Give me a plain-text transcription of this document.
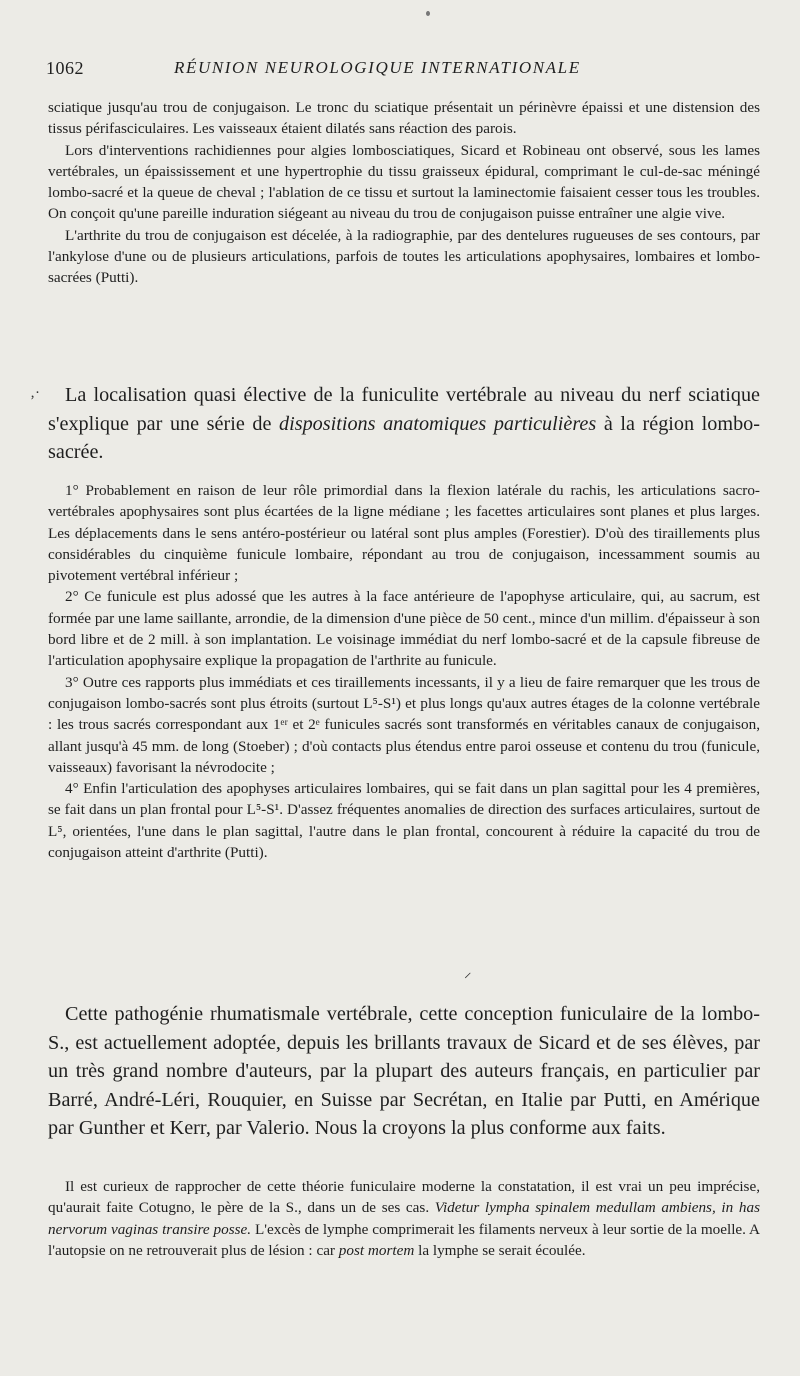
1062	RÉUNION NEUROLOGIQUE INTERNATIONALE

sciatique jusqu'au trou de conjugaison. Le tronc du sciatique présentait un périnèvre épaissi et une distension des tissus périfasciculaires. Les vaisseaux étaient dilatés sans réaction des parois.

Lors d'interventions rachidiennes pour algies lombosciatiques, Sicard et Robineau ont observé, sous les lames vertébrales, un épaississement et une hypertrophie du tissu graisseux épidural, comprimant le cul-de-sac méningé lombo-sacré et la queue de cheval ; l'ablation de ce tissu et surtout la laminectomie faisaient cesser tous les troubles. On conçoit qu'une pareille induration siégeant au niveau du trou de conjugaison puisse entraîner une algie vive.

L'arthrite du trou de conjugaison est décelée, à la radiographie, par des dentelures rugueuses de ses contours, par l'ankylose d'une ou de plusieurs articulations, parfois de toutes les articulations apophysaires, lombaires et lombo-sacrées (Putti).

‚·	La localisation quasi élective de la funiculite vertébrale au niveau du nerf sciatique s'explique par une série de dispositions anatomiques particulières à la région lombo-sacrée.

1° Probablement en raison de leur rôle primordial dans la flexion latérale du rachis, les articulations sacro-vertébrales apophysaires sont plus écartées de la ligne médiane ; les facettes articulaires sont planes et plus larges. Les déplacements dans le sens antéro-postérieur ou latéral sont plus amples (Forestier). D'où des tiraillements plus considérables du cinquième funicule lombaire, répondant au trou de conjugaison, incessamment soumis au pivotement vertébral inférieur ;

2° Ce funicule est plus adossé que les autres à la face antérieure de l'apophyse articulaire, qui, au sacrum, est formée par une lame saillante, arrondie, de la dimension d'une pièce de 50 cent., mince d'un millim. d'épaisseur à son bord libre et de 2 mill. à son implantation. Le voisinage immédiat du nerf lombo-sacré et de la capsule fibreuse de l'articulation apophysaire explique la propagation de l'arthrite au funicule.

3° Outre ces rapports plus immédiats et ces tiraillements incessants, il y a lieu de faire remarquer que les trous de conjugaison lombo-sacrés sont plus étroits (surtout L⁵-S¹) et plus longs qu'aux autres étages de la colonne vertébrale : les trous sacrés correspondant aux 1ᵉʳ et 2ᵉ funicules sacrés sont transformés en véritables canaux de conjugaison, allant jusqu'à 45 mm. de long (Stoeber) ; d'où contacts plus étendus entre paroi osseuse et contenu du trou (funicule, vaisseaux) favorisant la névrodocite ;

4° Enfin l'articulation des apophyses articulaires lombaires, qui se fait dans un plan sagittal pour les 4 premières, se fait dans un plan frontal pour L⁵-S¹. D'assez fréquentes anomalies de direction des surfaces articulaires, surtout de L⁵, orientées, l'une dans le plan sagittal, l'autre dans le plan frontal, concourent à réduire la capacité du trou de conjugaison atteint d'arthrite (Putti).

⸝

Cette pathogénie rhumatismale vertébrale, cette conception funiculaire de la lombo-S., est actuellement adoptée, depuis les brillants travaux de Sicard et de ses élèves, par un très grand nombre d'auteurs, par la plupart des auteurs français, en particulier par Barré, André-Léri, Rouquier, en Suisse par Secrétan, en Italie par Putti, en Amérique par Gunther et Kerr, par Valerio. Nous la croyons la plus conforme aux faits.

Il est curieux de rapprocher de cette théorie funiculaire moderne la constatation, il est vrai un peu imprécise, qu'aurait faite Cotugno, le père de la S., dans un de ses cas. Videtur lympha spinalem medullam ambiens, in has nervorum vaginas transire posse. L'excès de lymphe comprimerait les filaments nerveux à leur sortie de la moelle. A l'autopsie on ne retrouverait plus de lésion : car post mortem la lymphe se serait écoulée.
